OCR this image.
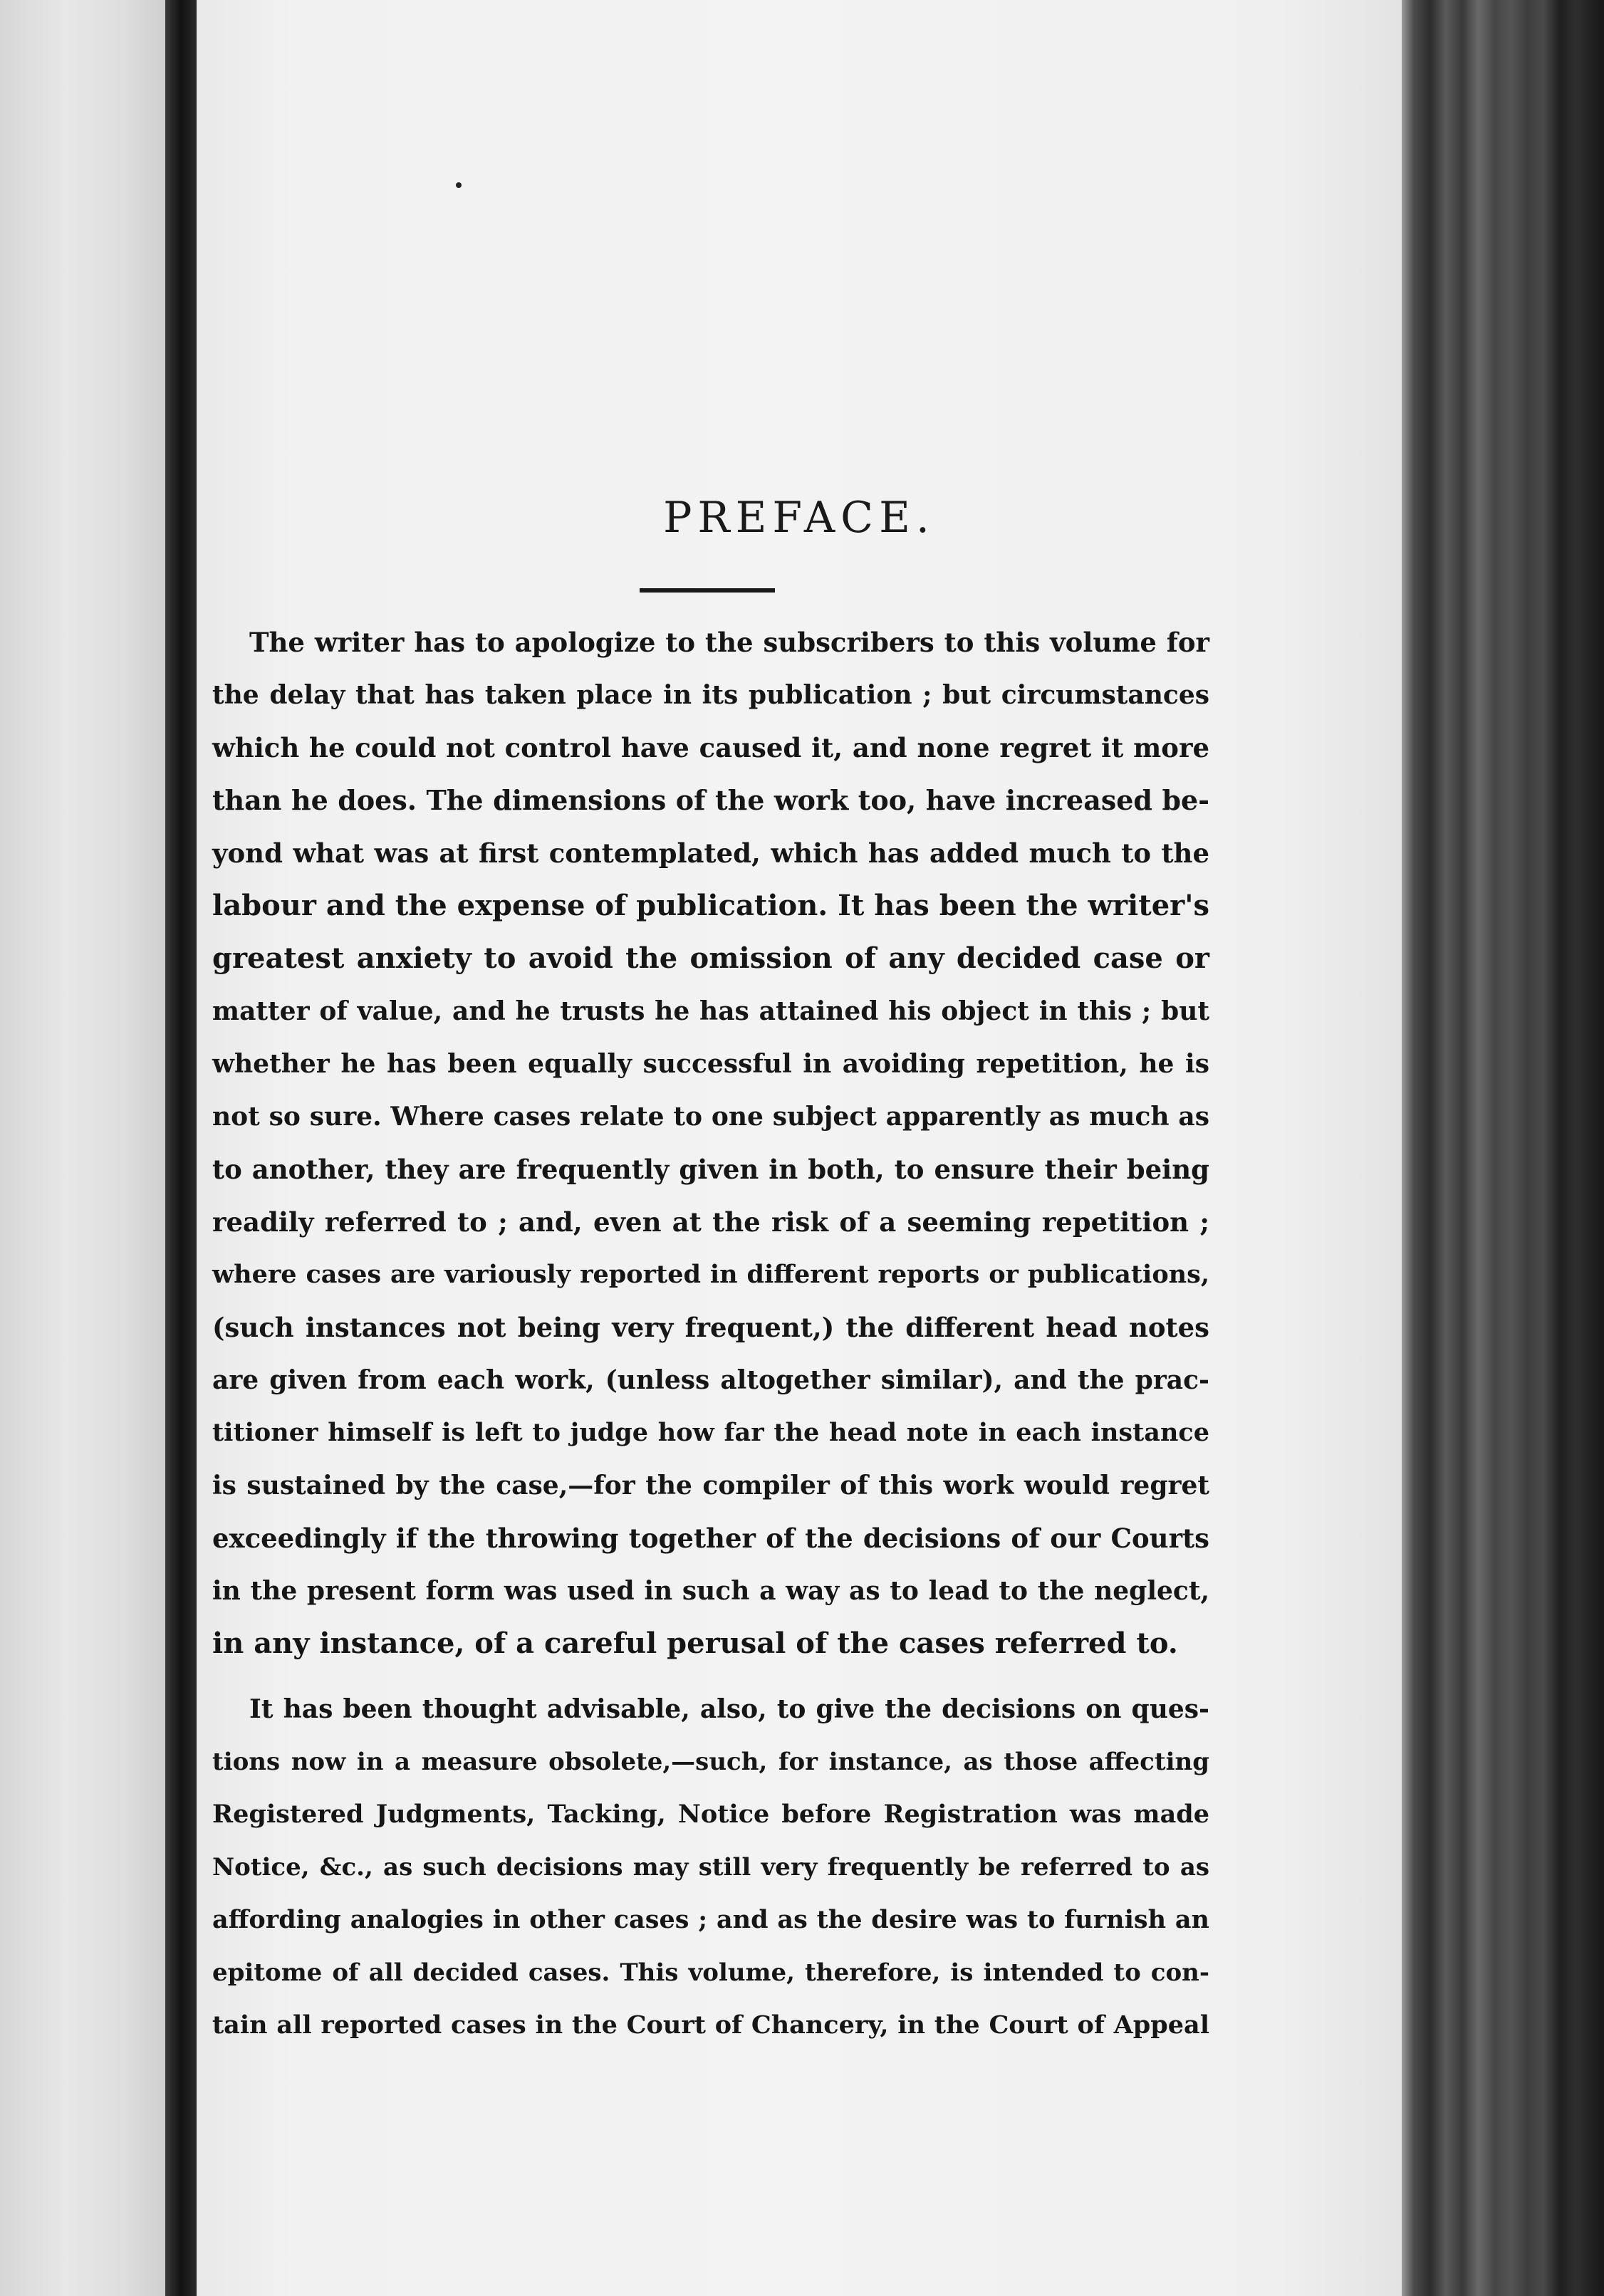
PREFACE.
The writer has to apologize to the subscribers to this volume for
the delay that has taken place in its publication ; but circumstances
which he could not control have caused it, and none regret it more
than he does. The dimensions of the work too, have increased be-
yond what was at first contemplated, which has added much to the
labour and the expense of publication. It has been the writer's
greatest anxiety to avoid the omission of any decided case or
matter of value, and he trusts he has attained his object in this ; but
whether he has been equally successful in avoiding repetition, he is
not so sure. Where cases relate to one subject apparently as much as
to another, they are frequently given in both, to ensure their being
readily referred to ; and, even at the risk of a seeming repetition ;
where cases are variously reported in different reports or publications,
(such instances not being very frequent,) the different head notes
are given from each work, (unless altogether similar), and the prac-
titioner himself is left to judge how far the head note in each instance
is sustained by the case,—for the compiler of this work would regret
exceedingly if the throwing together of the decisions of our Courts
in the present form was used in such a way as to lead to the neglect,
in any instance, of a careful perusal of the cases referred to.
It has been thought advisable, also, to give the decisions on ques-
tions now in a measure obsolete,—such, for instance, as those affecting
Registered Judgments, Tacking, Notice before Registration was made
Notice, &c., as such decisions may still very frequently be referred to as
affording analogies in other cases ; and as the desire was to furnish an
epitome of all decided cases. This volume, therefore, is intended to con-
tain all reported cases in the Court of Chancery, in the Court of Appeal
